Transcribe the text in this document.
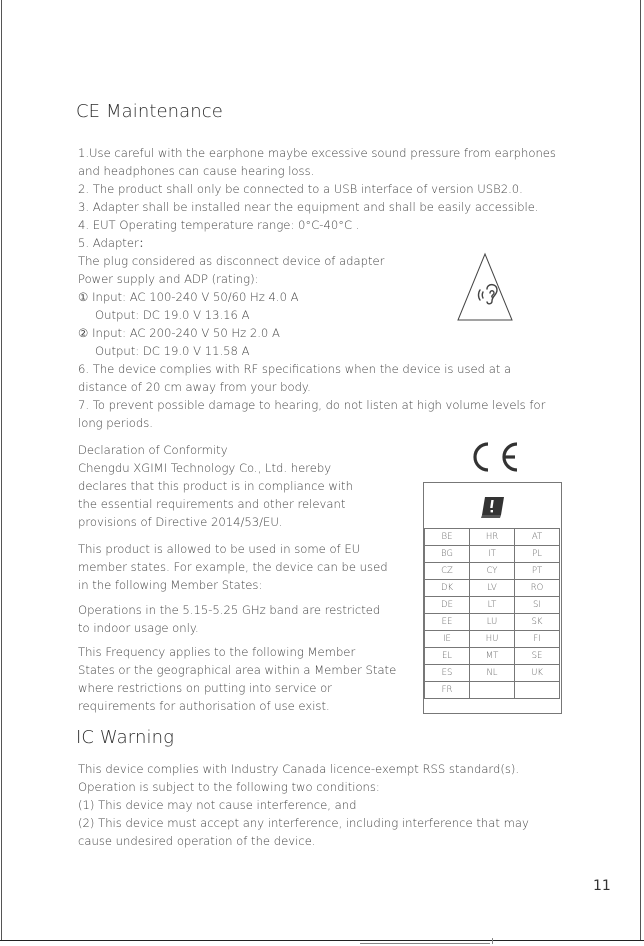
CE Maintenance
1.Use careful with the earphone maybe excessive sound pressure from earphones
and headphones can cause hearing loss.
2. The product shall only be connected to a USB interface of version USB2.0.
3. Adapter shall be installed near the equipment and shall be easily accessible.
4. EUT Operating temperature range: 0°C-40°C .
5. Adapter：
The plug considered as disconnect device of adapter
Power supply and ADP (rating):
① Input: AC 100-240 V 50/60 Hz 4.0 A
Output: DC 19.0 V 13.16 A
② Input: AC 200-240 V 50 Hz 2.0 A
Output: DC 19.0 V 11.58 A
6. The device complies with RF specifications when the device is used at a
distance of 20 cm away from your body.
7. To prevent possible damage to hearing, do not listen at high volume levels for
long periods.
Declaration of Conformity
Chengdu XGIMI Technology Co., Ltd. hereby
declares that this product is in compliance with
the essential requirements and other relevant
provisions of Directive 2014/53/EU.
This product is allowed to be used in some of EU
member states. For example, the device can be used
in the following Member States:
Operations in the 5.15-5.25 GHz band are restricted
to indoor usage only.
This Frequency applies to the following Member
States or the geographical area within a Member State
where restrictions on putting into service or
requirements for authorisation of use exist.
BE	HR	AT
BG	IT	PL
CZ	CY	PT
DK	LV	RO
DE	LT	SI
EE	LU	SK
IE	HU	FI
EL	MT	SE
ES	NL	UK
FR		
IC Warning
This device complies with Industry Canada licence-exempt RSS standard(s).
Operation is subject to the following two conditions:
(1) This device may not cause interference, and
(2) This device must accept any interference, including interference that may
cause undesired operation of the device.
11
